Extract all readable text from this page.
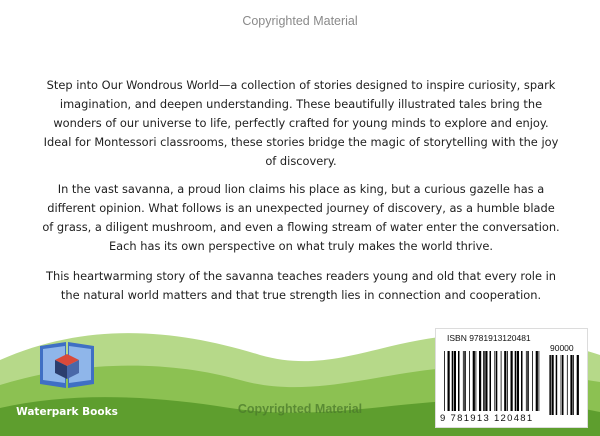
Copyrighted Material

Step into Our Wondrous World—a collection of stories designed to inspire curiosity, spark imagination, and deepen understanding. These beautifully illustrated tales bring the wonders of our universe to life, perfectly crafted for young minds to explore and enjoy. Ideal for Montessori classrooms, these stories bridge the magic of storytelling with the joy of discovery.

In the vast savanna, a proud lion claims his place as king, but a curious gazelle has a different opinion. What follows is an unexpected journey of discovery, as a humble blade of grass, a diligent mushroom, and even a flowing stream of water enter the conversation. Each has its own perspective on what truly makes the world thrive.

This heartwarming story of the savanna teaches readers young and old that every role in the natural world matters and that true strength lies in connection and cooperation.

Waterpark Books	Copyrighted Material
ISBN 9781913120481
90000
9 781913 120481
